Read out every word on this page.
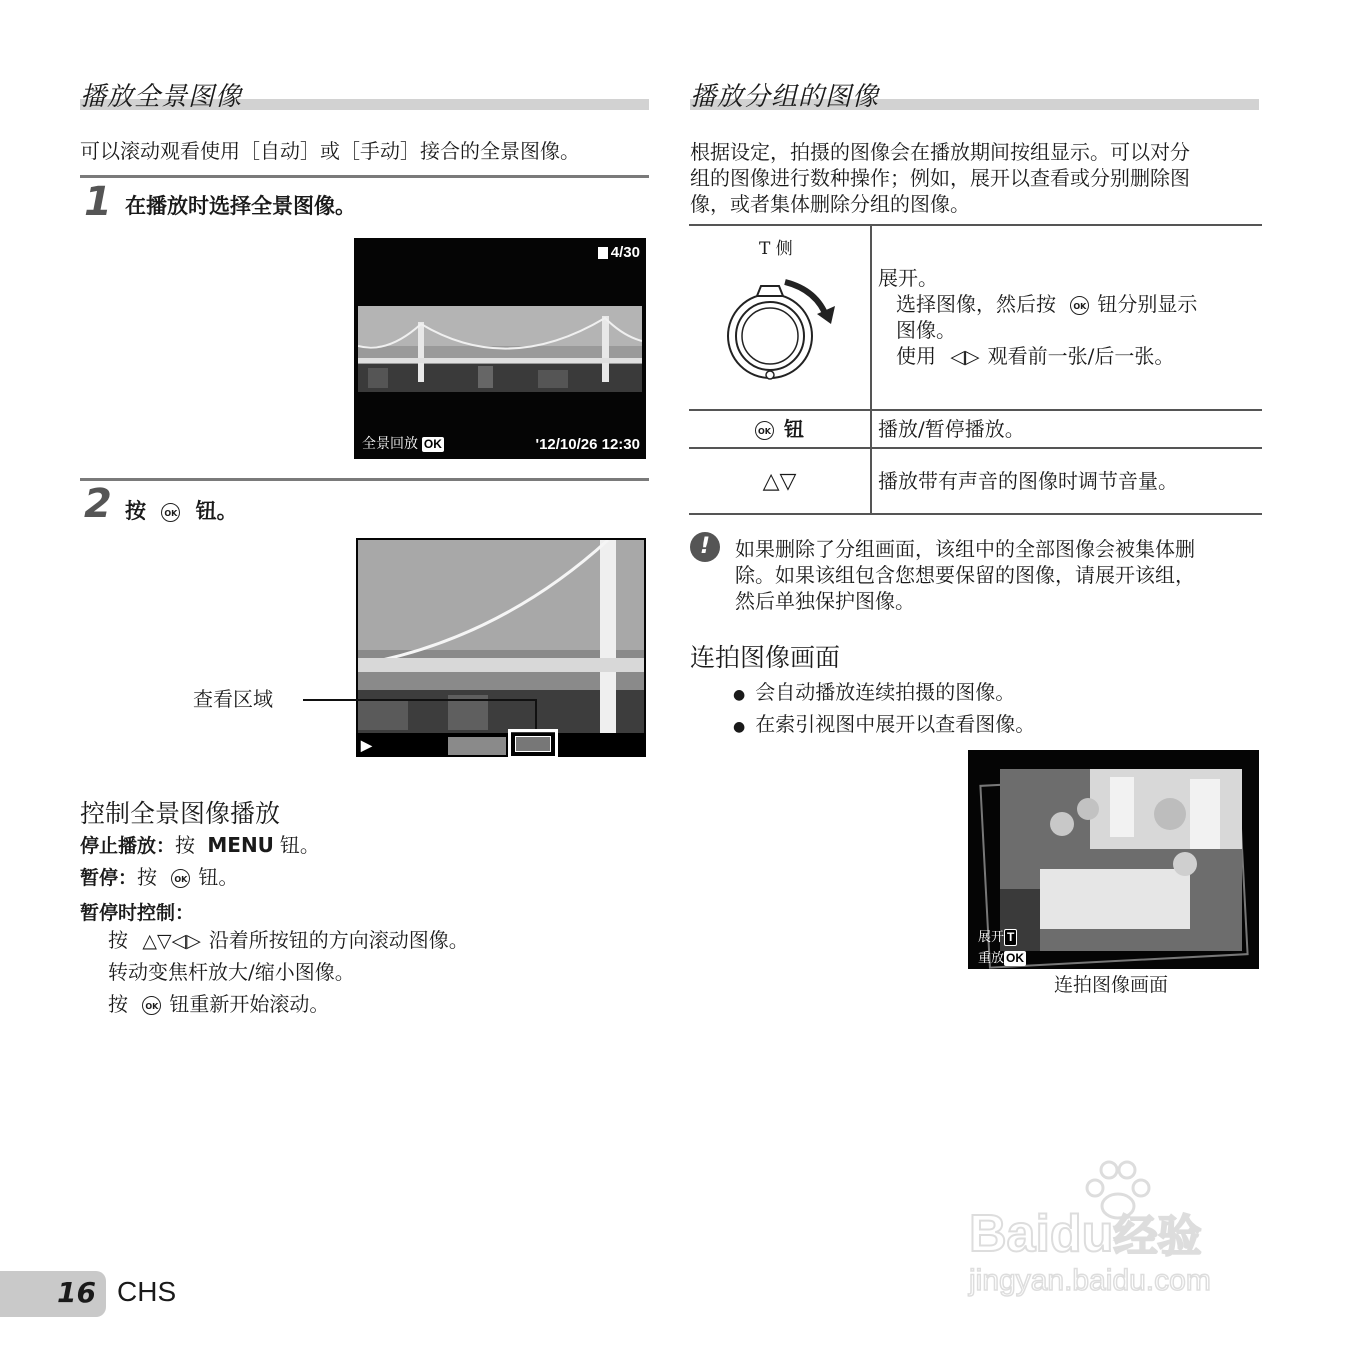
播放全景图像
可以滚动观看使用［自动］或［手动］接合的全景图像。
1 在播放时选择全景图像。
4/30
全景回放 OK	'12/10/26 12:30
2 按 OK 钮。
▶
查看区域
控制全景图像播放
停止播放：按 MENU 钮。
暂停：按 OK 钮。
暂停时控制：
按 △▽◁▷ 沿着所按钮的方向滚动图像。
转动变焦杆放大/缩小图像。
按 OK 钮重新开始滚动。
播放分组的图像
根据设定，拍摄的图像会在播放期间按组显示。可以对分
组的图像进行数种操作；例如，展开以查看或分别删除图
像，或者集体删除分组的图像。
T 侧	展开。
选择图像，然后按 OK 钮分别显示
图像。
使用 ◁▷ 观看前一张/后一张。

OK 钮	播放/暂停播放。
△▽	播放带有声音的图像时调节音量。
!	如果删除了分组画面，该组中的全部图像会被集体删
除。如果该组包含您想要保留的图像，请展开该组，
然后单独保护图像。
连拍图像画面
● 会自动播放连续拍摄的图像。
● 在索引视图中展开以查看图像。
展开 T
重放 OK
连拍图像画面
16 CHS
Baidu经验
jingyan.baidu.com
